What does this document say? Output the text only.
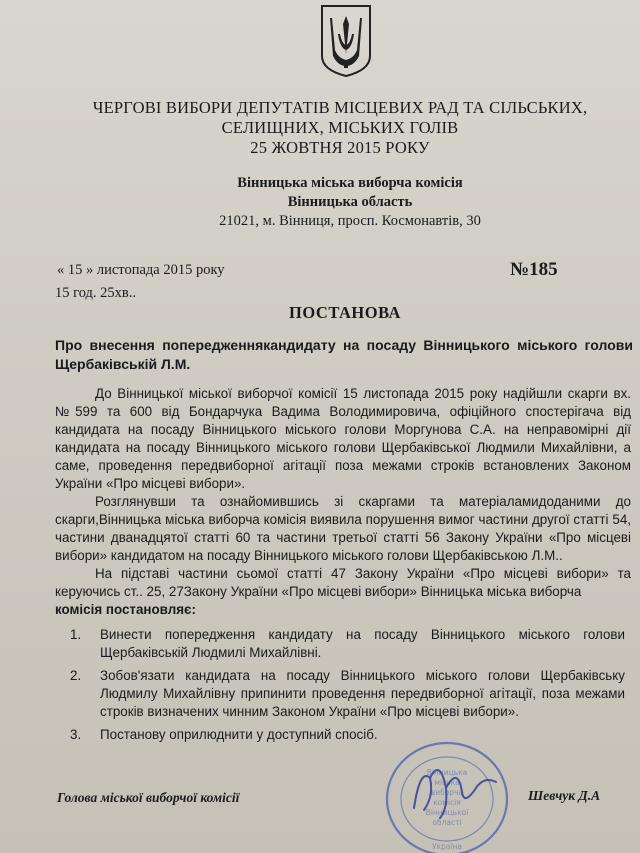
ЧЕРГОВІ ВИБОРИ ДЕПУТАТІВ МІСЦЕВИХ РАД ТА СІЛЬСЬКИХ,
СЕЛИЩНИХ, МІСЬКИХ ГОЛІВ
25 ЖОВТНЯ 2015 РОКУ
Вінницька міська виборча комісія
Вінницька область
21021, м. Вінниця, просп. Космонавтів, 30
« 15 » листопада 2015 року
15 год. 25хв..
№185
ПОСТАНОВА
Про внесення попередженнякандидату на посаду Вінницького міського голови Щербаківській Л.М.

До Вінницької міської виборчої комісії 15 листопада 2015 року надійшли скарги вх. №599 та 600 від Бондарчука Вадима Володимировича, офіційного спостерігача від кандидата на посаду Вінницького міського голови Моргунова С.А. на неправомірні дії кандидата на посаду Вінницького міського голови Щербаківської Людмили Михайлівни, а саме, проведення передвиборної агітації поза межами строків встановлених Законом України «Про місцеві вибори».

Розглянувши та ознайомившись зі скаргами та матеріаламидоданими до скарги,Вінницька міська виборча комісія виявила порушення вимог частини другої статті 54, частини дванадцятої статті 60 та частини третьої статті 56 Закону України «Про місцеві вибори» кандидатом на посаду Вінницького міського голови Щербаківською Л.М..

На підставі частини сьомої статті 47 Закону України «Про місцеві вибори» та керуючись ст.. 25, 27Закону України «Про місцеві вибори» Вінницька міська виборча
комісія постановляє:

1.	Винести попередження кандидату на посаду Вінницького міського голови Щербаківській Людмилі Михайлівні.
2.	Зобов'язати кандидата на посаду Вінницького міського голови Щербаківську Людмилу Михайлівну припинити проведення передвиборної агітації, поза межами строків визначених чинним Законом України «Про місцеві вибори».
3.	Постанову оприлюднити у доступний спосіб.
Вінницька
міська
виборча
комісія
Вінницької
області
Україна
Голова міської виборчої комісії	Шевчук Д.А
